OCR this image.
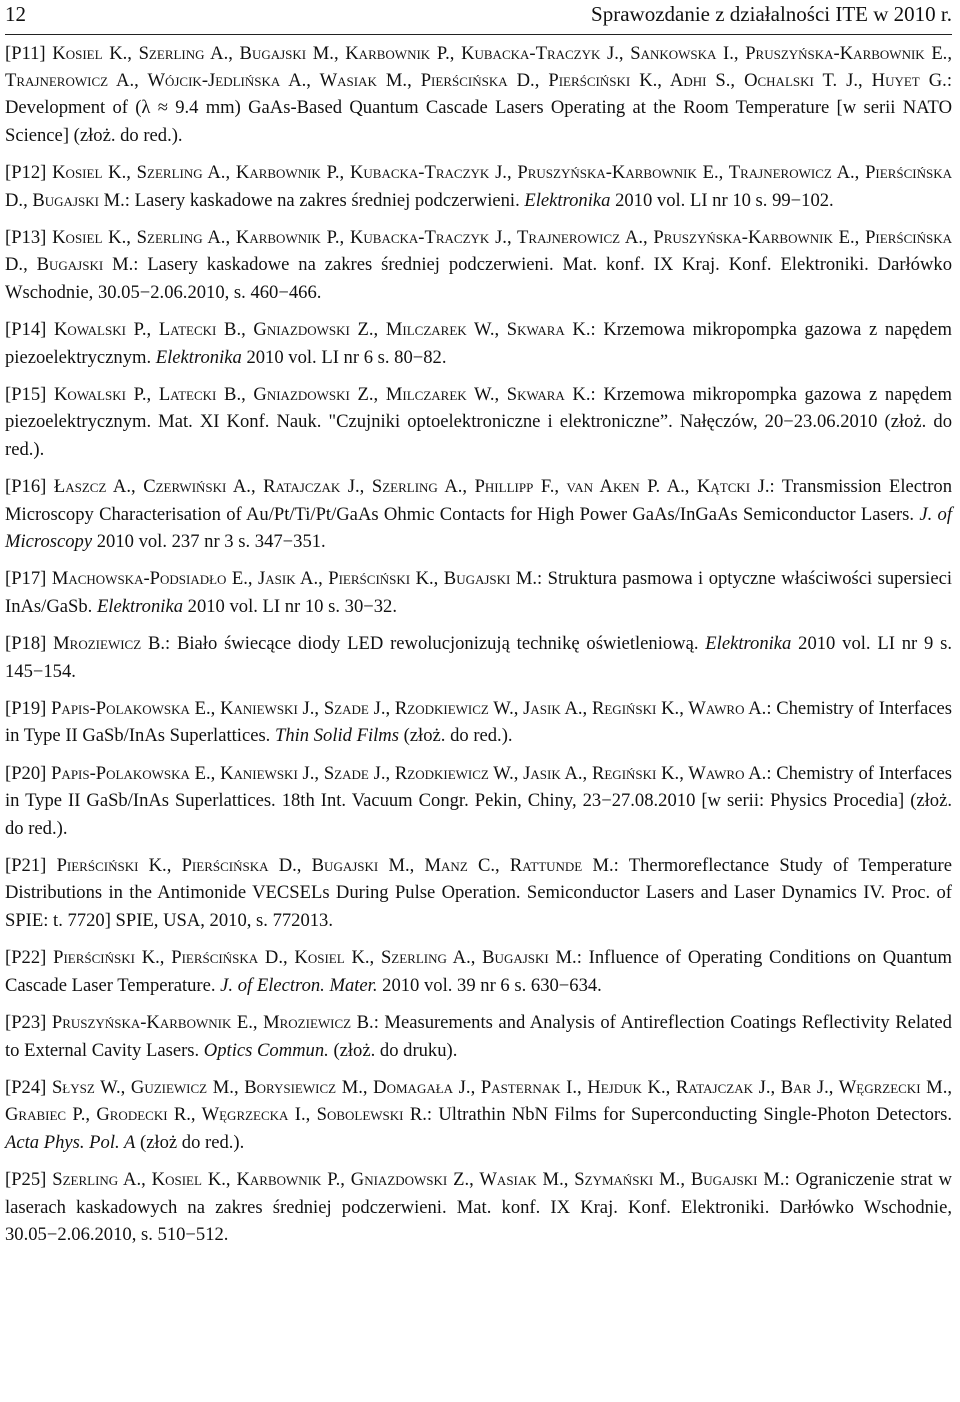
12	Sprawozdanie z działalności ITE w 2010 r.

[P11] Kosiel K., Szerling A., Bugajski M., Karbownik P., Kubacka-Traczyk J., Sankowska I., Pruszyńska-Karbownik E., Trajnerowicz A., Wójcik-Jedlińska A., Wasiak M., Pierścińska D., Pierściński K., Adhi S., Ochalski T. J., Huyet G.: Development of (λ ≈ 9.4 mm) GaAs-Based Quantum Cascade Lasers Operating at the Room Temperature [w serii NATO Science] (złoż. do red.).

[P12] Kosiel K., Szerling A., Karbownik P., Kubacka-Traczyk J., Pruszyńska-Karbownik E., Trajnerowicz A., Pierścińska D., Bugajski M.: Lasery kaskadowe na zakres średniej podczerwieni. Elektronika 2010 vol. LI nr 10 s. 99−102.

[P13] Kosiel K., Szerling A., Karbownik P., Kubacka-Traczyk J., Trajnerowicz A., Pruszyńska-Karbownik E., Pierścińska D., Bugajski M.: Lasery kaskadowe na zakres średniej podczerwieni. Mat. konf. IX Kraj. Konf. Elektroniki. Darłówko Wschodnie, 30.05−2.06.2010, s. 460−466.

[P14] Kowalski P., Latecki B., Gniazdowski Z., Milczarek W., Skwara K.: Krzemowa mikropompka gazowa z napędem piezoelektrycznym. Elektronika 2010 vol. LI nr 6 s. 80−82.

[P15] Kowalski P., Latecki B., Gniazdowski Z., Milczarek W., Skwara K.: Krzemowa mikropompka gazowa z napędem piezoelektrycznym. Mat. XI Konf. Nauk. "Czujniki optoelektroniczne i elektroniczne”. Nałęczów, 20−23.06.2010 (złoż. do red.).

[P16] Łaszcz A., Czerwiński A., Ratajczak J., Szerling A., Phillipp F., van Aken P. A., Kątcki J.: Transmission Electron Microscopy Characterisation of Au/Pt/Ti/Pt/GaAs Ohmic Contacts for High Power GaAs/InGaAs Semiconductor Lasers. J. of Microscopy 2010 vol. 237 nr 3 s. 347−351.

[P17] Machowska-Podsiadło E., Jasik A., Pierściński K., Bugajski M.: Struktura pasmowa i optyczne właściwości supersieci InAs/GaSb. Elektronika 2010 vol. LI nr 10 s. 30−32.

[P18] Mroziewicz B.: Biało świecące diody LED rewolucjonizują technikę oświetleniową. Elektronika 2010 vol. LI nr 9 s. 145−154.

[P19] Papis-Polakowska E., Kaniewski J., Szade J., Rzodkiewicz W., Jasik A., Regiński K., Wawro A.: Chemistry of Interfaces in Type II GaSb/InAs Superlattices. Thin Solid Films (złoż. do red.).

[P20] Papis-Polakowska E., Kaniewski J., Szade J., Rzodkiewicz W., Jasik A., Regiński K., Wawro A.: Chemistry of Interfaces in Type II GaSb/InAs Superlattices. 18th Int. Vacuum Congr. Pekin, Chiny, 23−27.08.2010 [w serii: Physics Procedia] (złoż. do red.).

[P21] Pierściński K., Pierścińska D., Bugajski M., Manz C., Rattunde M.: Thermoreflectance Study of Temperature Distributions in the Antimonide VECSELs During Pulse Operation. Semiconductor Lasers and Laser Dynamics IV. Proc. of SPIE: t. 7720] SPIE, USA, 2010, s. 772013.

[P22] Pierściński K., Pierścińska D., Kosiel K., Szerling A., Bugajski M.: Influence of Operating Conditions on Quantum Cascade Laser Temperature. J. of Electron. Mater. 2010 vol. 39 nr 6 s. 630−634.

[P23] Pruszyńska-Karbownik E., Mroziewicz B.: Measurements and Analysis of Antireflection Coatings Reflectivity Related to External Cavity Lasers. Optics Commun. (złoż. do druku).

[P24] Słysz W., Guziewicz M., Borysiewicz M., Domagała J., Pasternak I., Hejduk K., Ratajczak J., Bar J., Węgrzecki M., Grabiec P., Grodecki R., Węgrzecka I., Sobolewski R.: Ultrathin NbN Films for Superconducting Single-Photon Detectors. Acta Phys. Pol. A (złoż do red.).

[P25] Szerling A., Kosiel K., Karbownik P., Gniazdowski Z., Wasiak M., Szymański M., Bugajski M.: Ograniczenie strat w laserach kaskadowych na zakres średniej podczerwieni. Mat. konf. IX Kraj. Konf. Elektroniki. Darłówko Wschodnie, 30.05−2.06.2010, s. 510−512.
